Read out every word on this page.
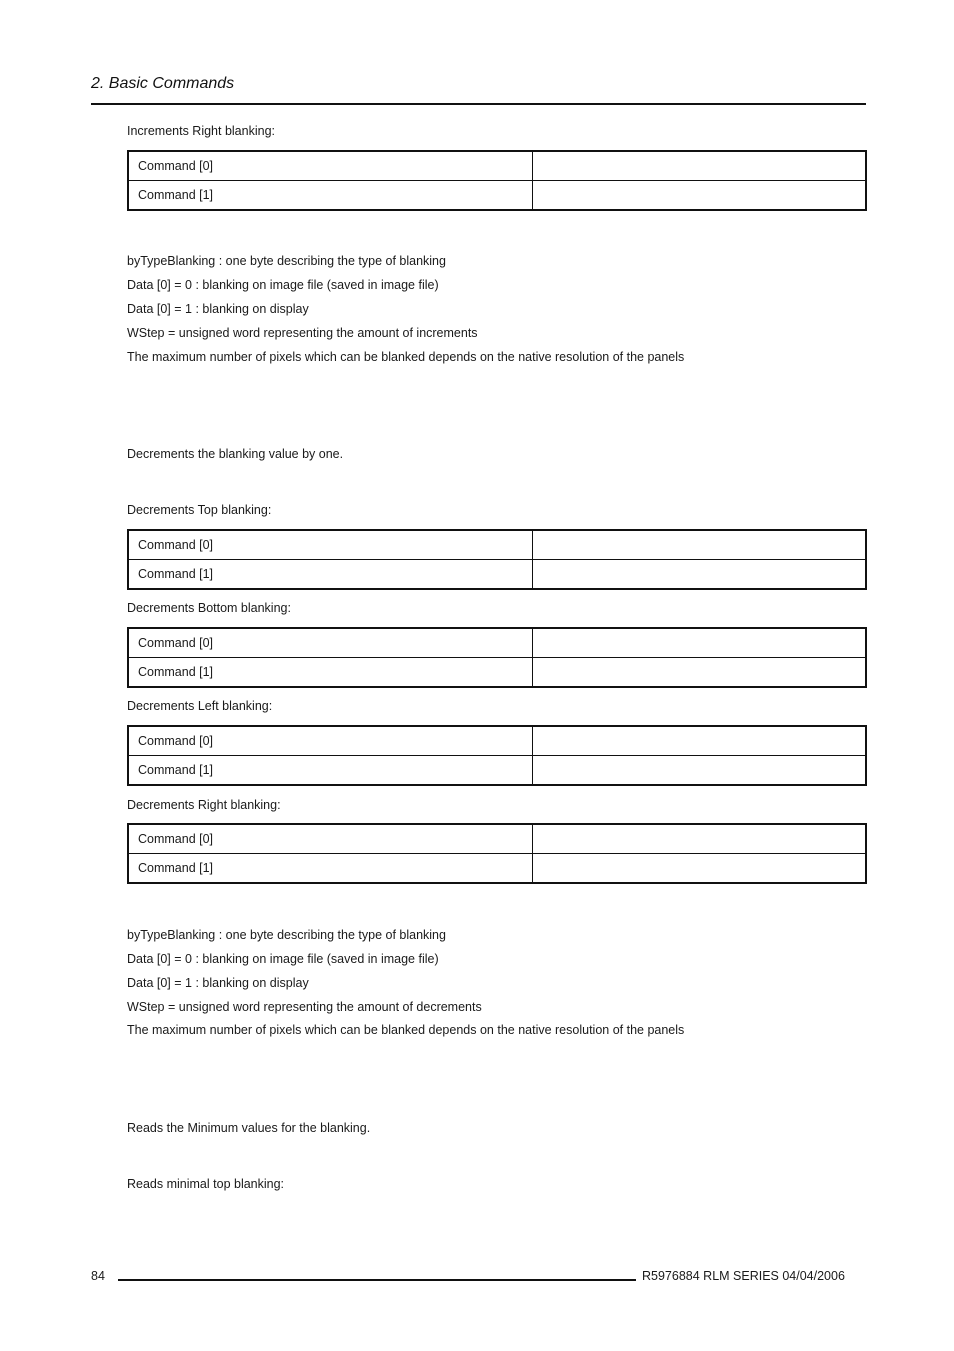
2. Basic Commands
Increments Right blanking:
Command [0]	
Command [1]	
byTypeBlanking : one byte describing the type of blanking
Data [0] = 0 : blanking on image file (saved in image file)
Data [0] = 1 : blanking on display
WStep = unsigned word representing the amount of increments
The maximum number of pixels which can be blanked depends on the native resolution of the panels
Decrements the blanking value by one.
Decrements Top blanking:
Command [0]	
Command [1]	
Decrements Bottom blanking:
Command [0]	
Command [1]	
Decrements Left blanking:
Command [0]	
Command [1]	
Decrements Right blanking:
Command [0]	
Command [1]	
byTypeBlanking : one byte describing the type of blanking
Data [0] = 0 : blanking on image file (saved in image file)
Data [0] = 1 : blanking on display
WStep = unsigned word representing the amount of decrements
The maximum number of pixels which can be blanked depends on the native resolution of the panels
Reads the Minimum values for the blanking.
Reads minimal top blanking:
84	R5976884 RLM SERIES 04/04/2006
